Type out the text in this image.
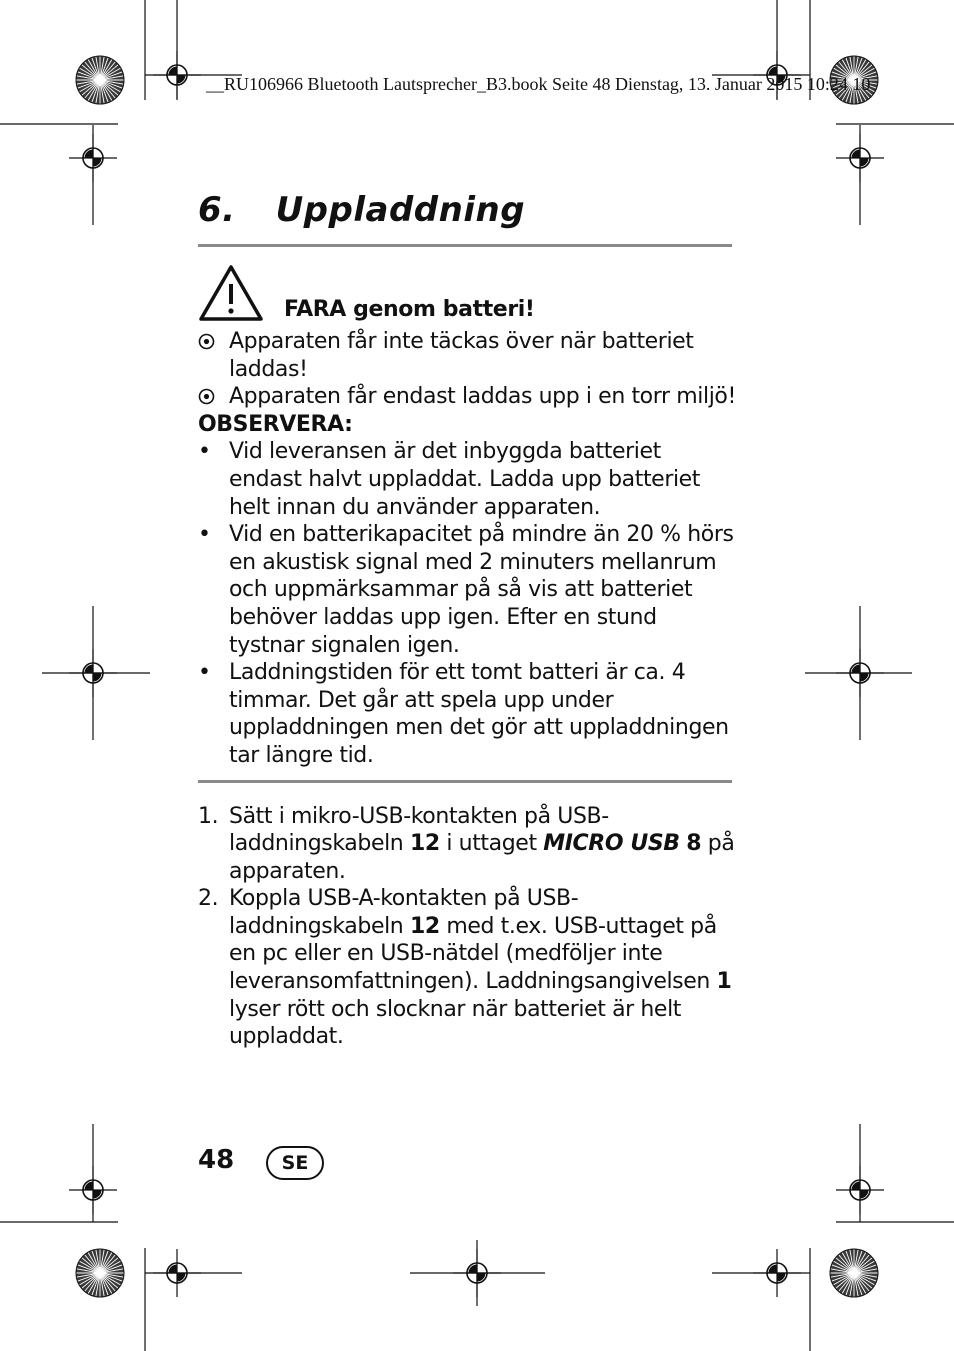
__RU106966 Bluetooth Lautsprecher_B3.book Seite 48 Dienstag, 13. Januar 2015 10:24 10
6. Uppladdning
FARA genom batteri!
Apparaten får inte täckas över när batteriet laddas!
Apparaten får endast laddas upp i en torr miljö!
OBSERVERA:
• Vid leveransen är det inbyggda batteriet endast halvt uppladdat. Ladda upp batteriet helt innan du använder apparaten.
• Vid en batterikapacitet på mindre än 20 % hörs en akustisk signal med 2 minuters mellanrum och uppmärksammar på så vis att batteriet behöver laddas upp igen. Efter en stund tystnar signalen igen.
• Laddningstiden för ett tomt batteri är ca. 4 timmar. Det går att spela upp under uppladdningen men det gör att uppladdningen tar längre tid.
1. Sätt i mikro-USB-kontakten på USB-laddningskabeln 12 i uttaget MICRO USB 8 på apparaten.
2. Koppla USB-A-kontakten på USB-laddningskabeln 12 med t.ex. USB-uttaget på en pc eller en USB-nätdel (medföljer inte leveransomfattningen). Laddningsangivelsen 1 lyser rött och slocknar när batteriet är helt uppladdat.
48	SE
